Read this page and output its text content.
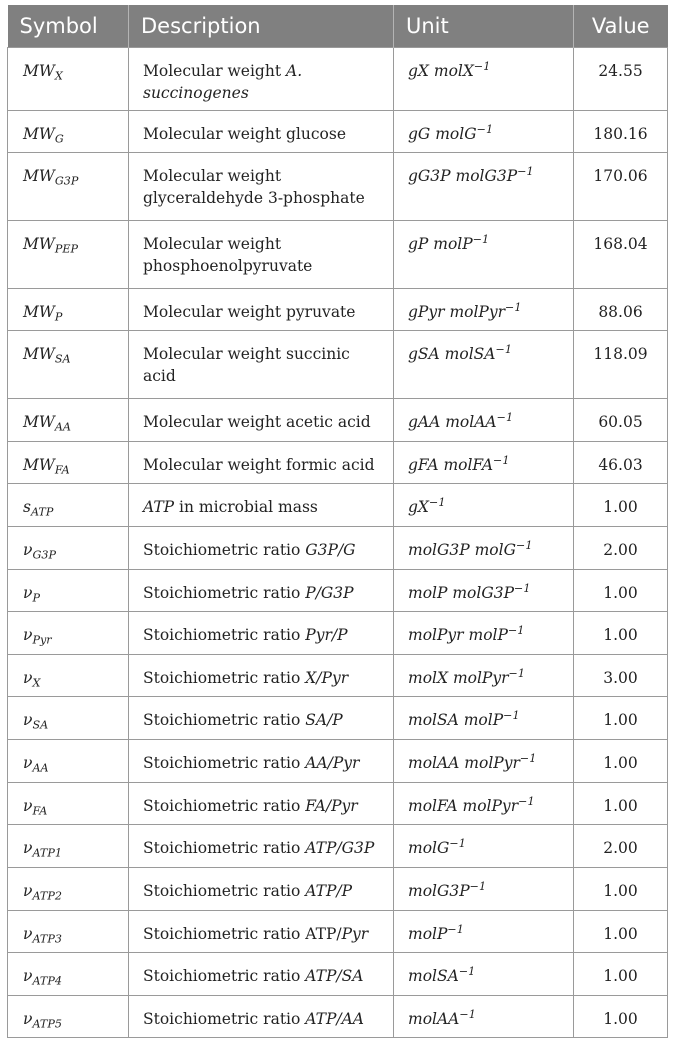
Symbol	Description	Unit	Value
$MW_X$	Molecular weight A. succinogenes	gX molX$^{-1}$	24.55
$MW_G$	Molecular weight glucose	gG molG$^{-1}$	180.16
$MW_{G3P}$	Molecular weight glyceraldehyde 3-phosphate	gG3P $molG3P^{-1}$	170.06
$MW_{PEP}$	Molecular weight phosphoenolpyruvate	gP molP$^{-1}$	168.04
$MW_P$	Molecular weight pyruvate	gPyr molPyr$^{-1}$	88.06
$MW_{SA}$	Molecular weight succinic acid	gSA molSA$^{-1}$	118.09
$MW_{AA}$	Molecular weight acetic acid	gAA molAA$^{-1}$	60.05
$MW_{FA}$	Molecular weight formic acid	gFA molFA$^{-1}$	46.03
$s_{ATP}$	ATP in microbial mass	$gX^{-1}$	1.00
$\nu_{G3P}$	Stoichiometric ratio G3P/G	molG3P molG$^{-1}$	2.00
$\nu_P$	Stoichiometric ratio P/G3P	molP $molG3P^{-1}$	1.00
$\nu_{Pyr}$	Stoichiometric ratio Pyr/P	molPyr molP$^{-1}$	1.00
$\nu_X$	Stoichiometric ratio X/Pyr	molX molPyr$^{-1}$	3.00
$\nu_{SA}$	Stoichiometric ratio SA/P	molSA molP$^{-1}$	1.00
$\nu_{AA}$	Stoichiometric ratio AA/Pyr	molAA molPyr$^{-1}$	1.00
$\nu_{FA}$	Stoichiometric ratio FA/Pyr	molFA molPyr$^{-1}$	1.00
$\nu_{ATP1}$	Stoichiometric ratio ATP/G3P	molG$^{-1}$	2.00
$\nu_{ATP2}$	Stoichiometric ratio ATP/P	$molG3P^{-1}$	1.00
$\nu_{ATP3}$	Stoichiometric ratio ATP/Pyr	molP$^{-1}$	1.00
$\nu_{ATP4}$	Stoichiometric ratio ATP/SA	molSA$^{-1}$	1.00
$\nu_{ATP5}$	Stoichiometric ratio ATP/AA	molAA$^{-1}$	1.00
